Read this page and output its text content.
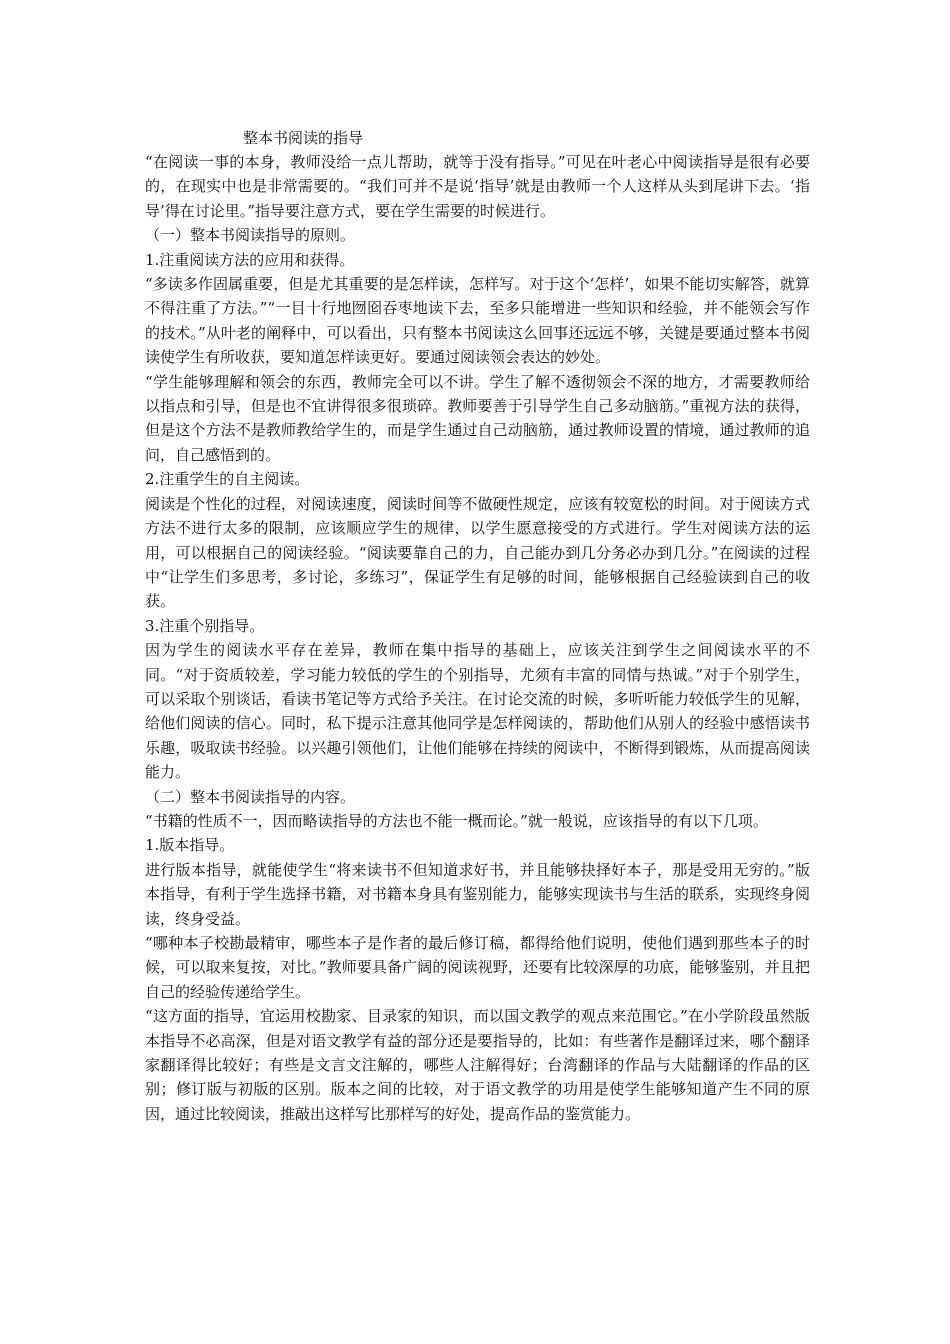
整本书阅读的指导

“在阅读一事的本身，教师没给一点儿帮助，就等于没有指导。”可见在叶老心中阅读指导是很有必要的，在现实中也是非常需要的。“我们可并不是说‘指导’就是由教师一个人这样从头到尾讲下去。‘指导’得在讨论里。”指导要注意方式，要在学生需要的时候进行。

（一）整本书阅读指导的原则。

1.注重阅读方法的应用和获得。

“多读多作固属重要，但是尤其重要的是怎样读，怎样写。对于这个‘怎样’，如果不能切实解答，就算不得注重了方法。”“一目十行地囫囵吞枣地读下去，至多只能增进一些知识和经验，并不能领会写作的技术。”从叶老的阐释中，可以看出，只有整本书阅读这么回事还远远不够，关键是要通过整本书阅读使学生有所收获，要知道怎样读更好。要通过阅读领会表达的妙处。

“学生能够理解和领会的东西，教师完全可以不讲。学生了解不透彻领会不深的地方，才需要教师给以指点和引导，但是也不宜讲得很多很琐碎。教师要善于引导学生自己多动脑筋。”重视方法的获得，但是这个方法不是教师教给学生的，而是学生通过自己动脑筋，通过教师设置的情境，通过教师的追问，自己感悟到的。

2.注重学生的自主阅读。

阅读是个性化的过程，对阅读速度，阅读时间等不做硬性规定，应该有较宽松的时间。对于阅读方式方法不进行太多的限制，应该顺应学生的规律，以学生愿意接受的方式进行。学生对阅读方法的运用，可以根据自己的阅读经验。“阅读要靠自己的力，自己能办到几分务必办到几分。”在阅读的过程中“让学生们多思考，多讨论，多练习”，保证学生有足够的时间，能够根据自己经验读到自己的收获。

3.注重个别指导。

因为学生的阅读水平存在差异，教师在集中指导的基础上，应该关注到学生之间阅读水平的不同。“对于资质较差，学习能力较低的学生的个别指导，尤须有丰富的同情与热诚。”对于个别学生，可以采取个别谈话，看读书笔记等方式给予关注。在讨论交流的时候，多听听能力较低学生的见解，给他们阅读的信心。同时，私下提示注意其他同学是怎样阅读的，帮助他们从别人的经验中感悟读书乐趣，吸取读书经验。以兴趣引领他们，让他们能够在持续的阅读中，不断得到锻炼，从而提高阅读能力。

（二）整本书阅读指导的内容。

“书籍的性质不一，因而略读指导的方法也不能一概而论。”就一般说，应该指导的有以下几项。

1.版本指导。

进行版本指导，就能使学生“将来读书不但知道求好书，并且能够抉择好本子，那是受用无穷的。”版本指导，有利于学生选择书籍，对书籍本身具有鉴别能力，能够实现读书与生活的联系，实现终身阅读，终身受益。

“哪种本子校勘最精审，哪些本子是作者的最后修订稿，都得给他们说明，使他们遇到那些本子的时候，可以取来复按，对比。”教师要具备广阔的阅读视野，还要有比较深厚的功底，能够鉴别，并且把自己的经验传递给学生。

“这方面的指导，宜运用校勘家、目录家的知识，而以国文教学的观点来范围它。”在小学阶段虽然版本指导不必高深，但是对语文教学有益的部分还是要指导的，比如：有些著作是翻译过来，哪个翻译家翻译得比较好；有些是文言文注解的，哪些人注解得好；台湾翻译的作品与大陆翻译的作品的区别；修订版与初版的区别。版本之间的比较，对于语文教学的功用是使学生能够知道产生不同的原因，通过比较阅读，推敲出这样写比那样写的好处，提高作品的鉴赏能力。
